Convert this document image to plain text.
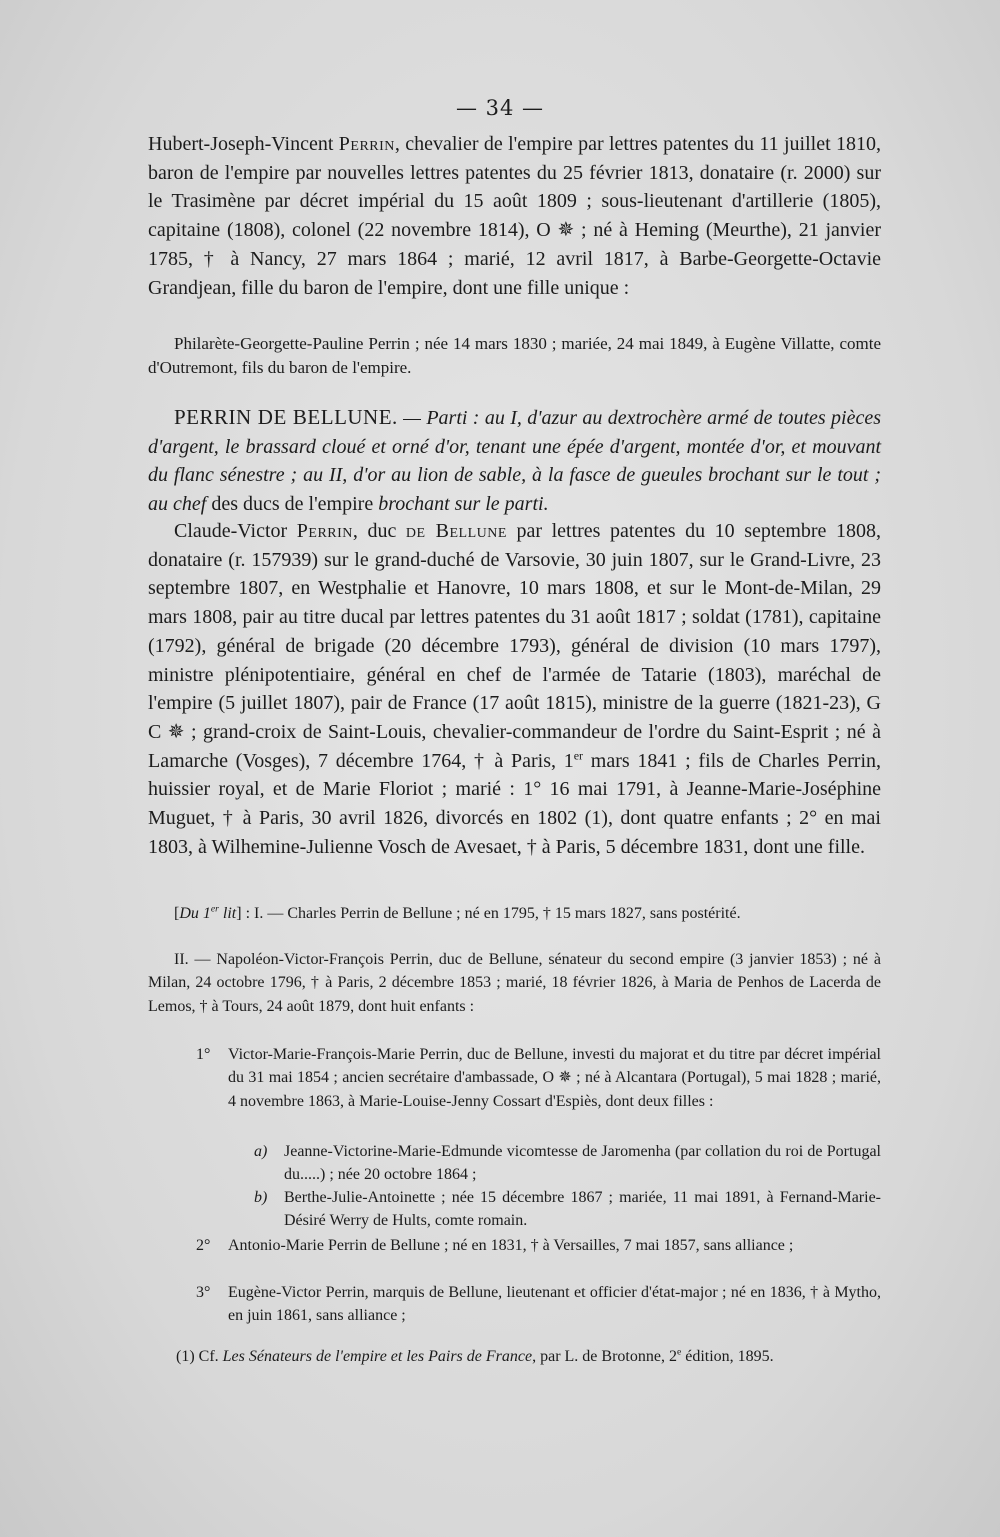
— 34 —
Hubert-Joseph-Vincent Perrin, chevalier de l'empire par lettres patentes du 11 juillet 1810, baron de l'empire par nouvelles lettres patentes du 25 février 1813, donataire (r. 2000) sur le Trasimène par décret impérial du 15 août 1809 ; sous-lieutenant d'artillerie (1805), capitaine (1808), colonel (22 novembre 1814), O ✵ ; né à Heming (Meurthe), 21 janvier 1785, † à Nancy, 27 mars 1864 ; marié, 12 avril 1817, à Barbe-Georgette-Octavie Grandjean, fille du baron de l'empire, dont une fille unique :
Philarète-Georgette-Pauline Perrin ; née 14 mars 1830 ; mariée, 24 mai 1849, à Eugène Villatte, comte d'Outremont, fils du baron de l'empire.
PERRIN DE BELLUNE. — Parti : au I, d'azur au dextrochère armé de toutes pièces d'argent, le brassard cloué et orné d'or, tenant une épée d'argent, montée d'or, et mouvant du flanc sénestre ; au II, d'or au lion de sable, à la fasce de gueules brochant sur le tout ; au chef des ducs de l'empire brochant sur le parti.
Claude-Victor Perrin, duc de Bellune par lettres patentes du 10 septembre 1808, donataire (r. 157939) sur le grand-duché de Varsovie, 30 juin 1807, sur le Grand-Livre, 23 septembre 1807, en Westphalie et Hanovre, 10 mars 1808, et sur le Mont-de-Milan, 29 mars 1808, pair au titre ducal par lettres patentes du 31 août 1817 ; soldat (1781), capitaine (1792), général de brigade (20 décembre 1793), général de division (10 mars 1797), ministre plénipotentiaire, général en chef de l'armée de Tatarie (1803), maréchal de l'empire (5 juillet 1807), pair de France (17 août 1815), ministre de la guerre (1821-23), G C ✵ ; grand-croix de Saint-Louis, chevalier-commandeur de l'ordre du Saint-Esprit ; né à Lamarche (Vosges), 7 décembre 1764, † à Paris, 1er mars 1841 ; fils de Charles Perrin, huissier royal, et de Marie Floriot ; marié : 1° 16 mai 1791, à Jeanne-Marie-Joséphine Muguet, † à Paris, 30 avril 1826, divorcés en 1802 (1), dont quatre enfants ; 2° en mai 1803, à Wilhemine-Julienne Vosch de Avesaet, † à Paris, 5 décembre 1831, dont une fille.
[Du 1er lit] : I. — Charles Perrin de Bellune ; né en 1795, † 15 mars 1827, sans postérité.
II. — Napoléon-Victor-François Perrin, duc de Bellune, sénateur du second empire (3 janvier 1853) ; né à Milan, 24 octobre 1796, † à Paris, 2 décembre 1853 ; marié, 18 février 1826, à Maria de Penhos de Lacerda de Lemos, † à Tours, 24 août 1879, dont huit enfants :
1° Victor-Marie-François-Marie Perrin, duc de Bellune, investi du majorat et du titre par décret impérial du 31 mai 1854 ; ancien secrétaire d'ambassade, O ✵ ; né à Alcantara (Portugal), 5 mai 1828 ; marié, 4 novembre 1863, à Marie-Louise-Jenny Cossart d'Espiès, dont deux filles :
a) Jeanne-Victorine-Marie-Edmunde vicomtesse de Jaromenha (par collation du roi de Portugal du.....) ; née 20 octobre 1864 ;
b) Berthe-Julie-Antoinette ; née 15 décembre 1867 ; mariée, 11 mai 1891, à Fernand-Marie-Désiré Werry de Hults, comte romain.
2° Antonio-Marie Perrin de Bellune ; né en 1831, † à Versailles, 7 mai 1857, sans alliance ;
3° Eugène-Victor Perrin, marquis de Bellune, lieutenant et officier d'état-major ; né en 1836, † à Mytho, en juin 1861, sans alliance ;
(1) Cf. Les Sénateurs de l'empire et les Pairs de France, par L. de Brotonne, 2e édition, 1895.
